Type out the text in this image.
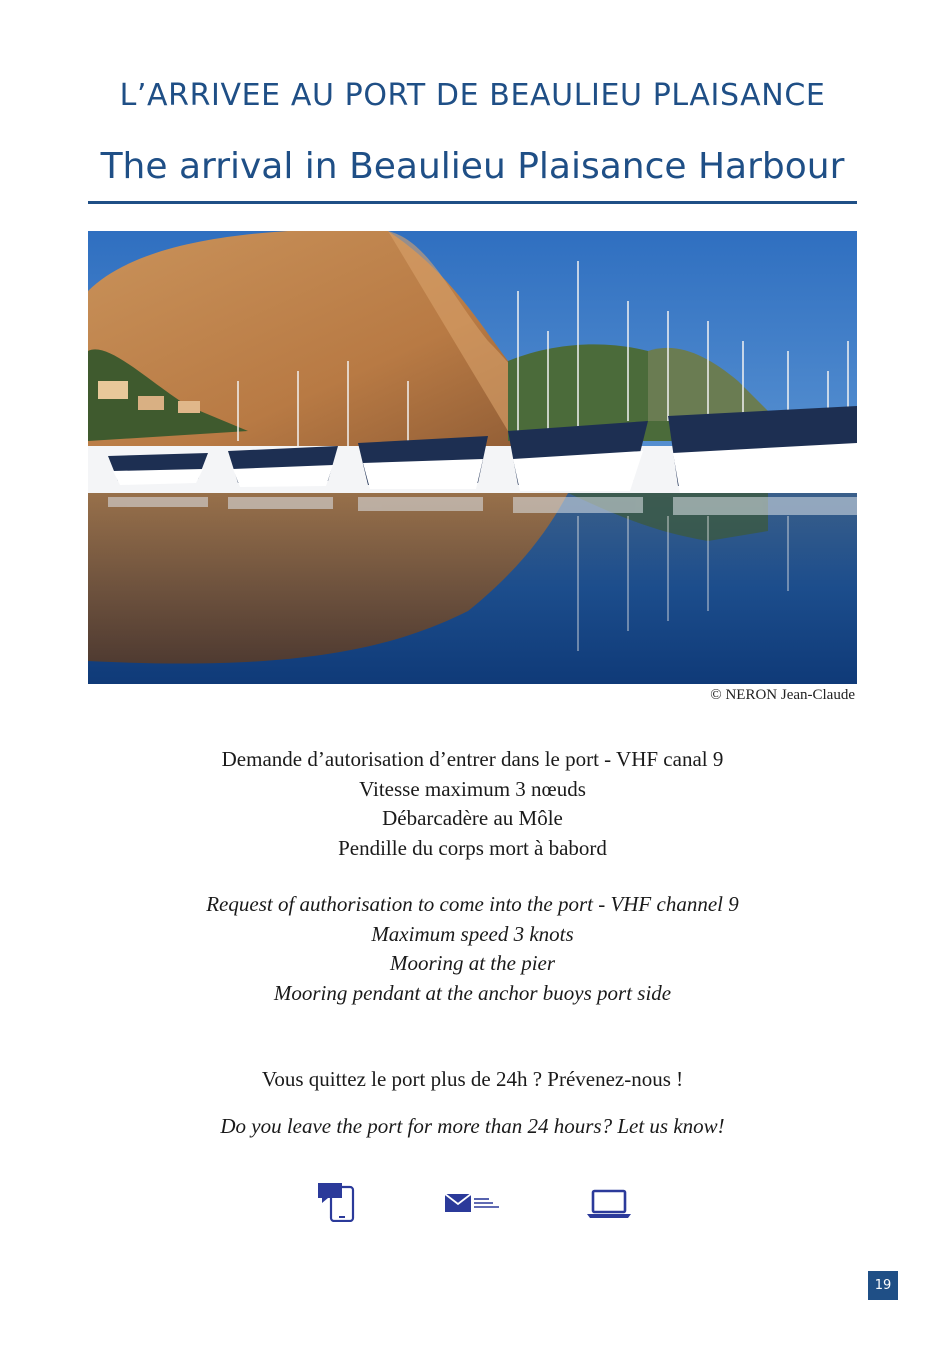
L’ARRIVEE AU PORT DE BEAULIEU PLAISANCE
The arrival in Beaulieu Plaisance Harbour
© NERON Jean-Claude
Demande d’autorisation d’entrer dans le port - VHF canal 9
Vitesse maximum 3 nœuds
Débarcadère au Môle
Pendille du corps mort à babord
Request of authorisation to come into the port - VHF channel 9
Maximum speed 3 knots
Mooring at the pier
Mooring pendant at the anchor buoys port side
Vous quittez le port plus de 24h ? Prévenez-nous !
Do you leave the port for more than 24 hours? Let us know!
19
